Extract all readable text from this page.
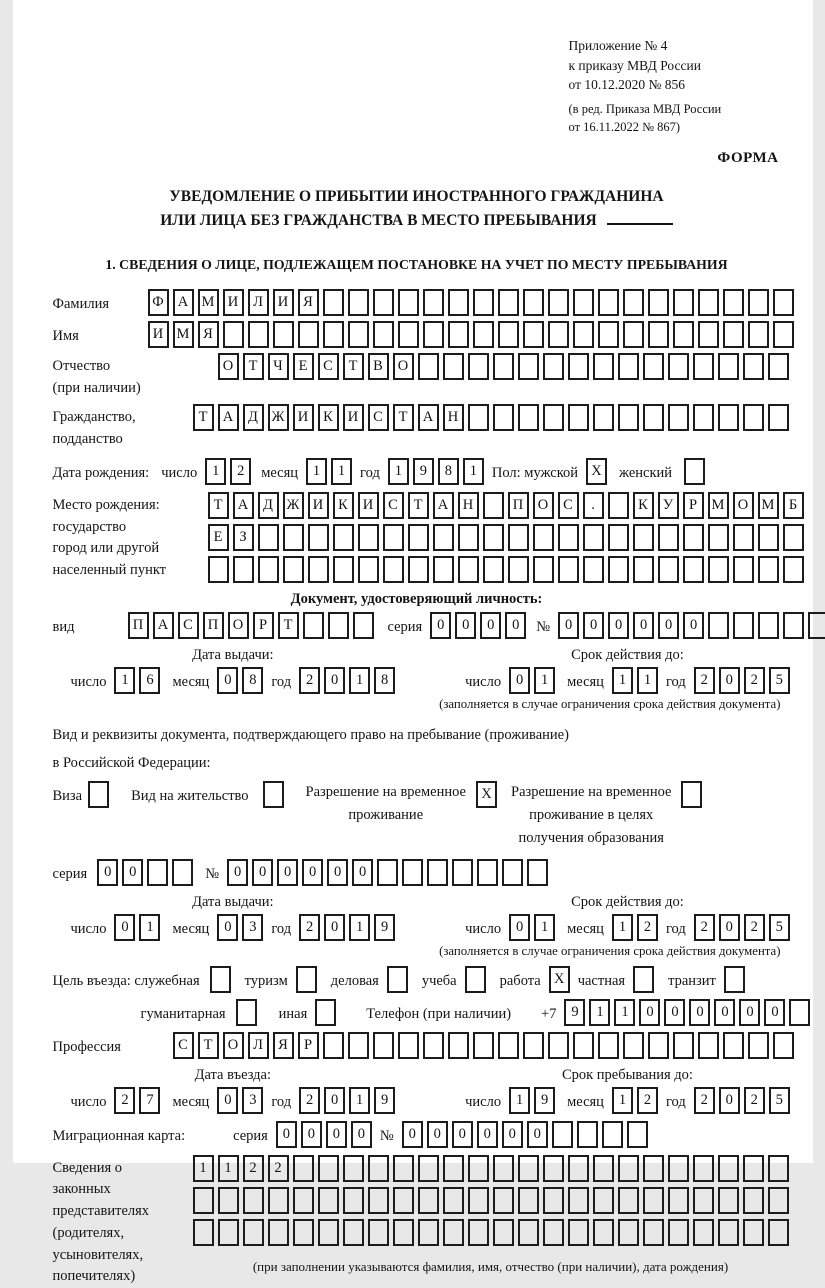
Приложение № 4
к приказу МВД России
от 10.12.2020 № 856
(в ред. Приказа МВД России
от 16.11.2022 № 867)
ФОРМА
УВЕДОМЛЕНИЕ О ПРИБЫТИИ ИНОСТРАННОГО ГРАЖДАНИНА
ИЛИ ЛИЦА БЕЗ ГРАЖДАНСТВА В МЕСТО ПРЕБЫВАНИЯ
1. СВЕДЕНИЯ О ЛИЦЕ, ПОДЛЕЖАЩЕМ ПОСТАНОВКЕ НА УЧЕТ ПО МЕСТУ ПРЕБЫВАНИЯ
Фамилия	Ф А М И	Л	И	Я
Имя	И М Я
Отчество
(при наличии)
О	Т	Ч	Е	С	Т	В	О
Гражданство,
подданство
Т	А	Д Ж И	К	И	С	Т	А	Н
Дата рождения: число	1	2	месяц	1	1	год	1	9	8	1	Пол: мужской X	женский
Место рождения:
государство
город или другой
населенный пункт
Т	А	Д Ж И	К	И	С	Т	А	Н	П	О	С	.	К	У	Р	М О М Б
Е	З
Документ, удостоверяющий личность:
вид	П	А	С	П	О	Р	Т	серия	0	0	0	0	№	0	0	0	0	0	0
Дата выдачи:
число	1	6	месяц	0	8	год	2	0	1	8
Срок действия до:
число	0	1	месяц	1	1	год	2	0	2	5
(заполняется в случае ограничения срока действия документа)
Вид и реквизиты документа, подтверждающего право на пребывание (проживание)
в Российской Федерации:
Виза	Вид на жительство	Разрешение на временное
проживание
X	Разрешение на временное
проживание в целях
получения образования
серия	0	0	№	0	0	0	0	0	0
Дата выдачи:
число	0	1	месяц	0	3	год	2	0	1	9
Срок действия до:
число	0	1	месяц	1	2	год	2	0	2	5
(заполняется в случае ограничения срока действия документа)
Цель въезда: служебная	туризм	деловая	учеба	работа X частная	транзит
гуманитарная	иная	Телефон (при наличии) +7	9	1	1	0	0	0	0	0	0
Профессия	С	Т	О	Л	Я	Р
Дата въезда:
число	2	7	месяц	0	3	год	2	0	1	9
Срок пребывания до:
число	1	9	месяц	1	2	год	2	0	2	5
Миграционная карта:	серия	0	0	0	0	№	0	0	0	0	0	0
Сведения о
законных
представителях
(родителях,
усыновителях,
попечителях)
1	1	2	2
(при заполнении указываются фамилия, имя, отчество (при наличии), дата рождения)
